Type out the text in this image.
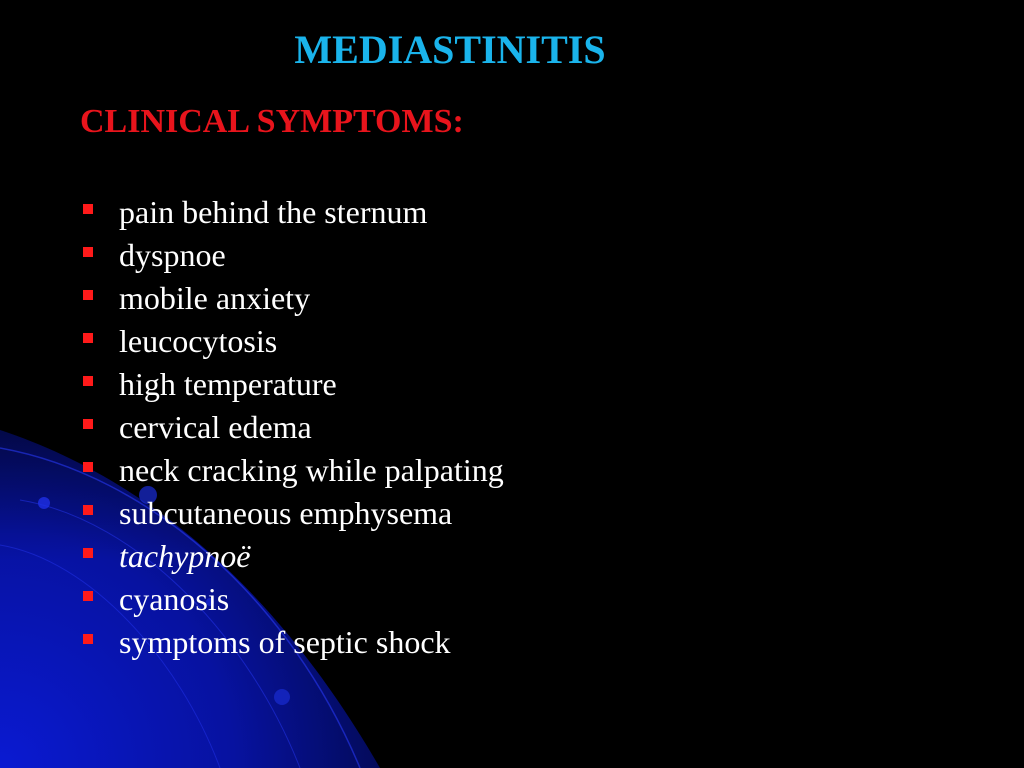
MEDIASTINITIS
CLINICAL SYMPTOMS:
pain behind the sternum
dyspnoe
mobile anxiety
leucocytosis
high temperature
cervical edema
neck cracking while palpating
subcutaneous emphysema
tachypnoë
cyanosis
symptoms of septic shock
